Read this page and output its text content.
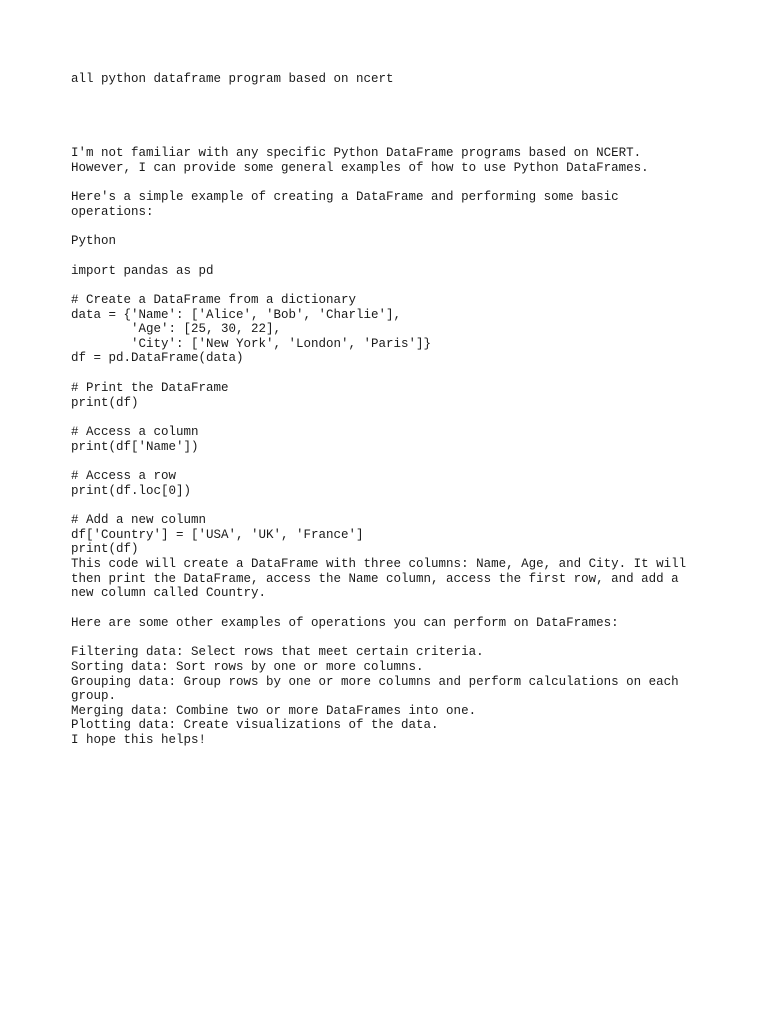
all python dataframe program based on ncert

I'm not familiar with any specific Python DataFrame programs based on NCERT.

However, I can provide some general examples of how to use Python DataFrames.

Here's a simple example of creating a DataFrame and performing some basic

operations:

Python

import pandas as pd

# Create a DataFrame from a dictionary

data = {'Name': ['Alice', 'Bob', 'Charlie'],

'Age': [25, 30, 22],

'City': ['New York', 'London', 'Paris']}

df = pd.DataFrame(data)

# Print the DataFrame

print(df)

# Access a column

print(df['Name'])

# Access a row

print(df.loc[0])

# Add a new column

df['Country'] = ['USA', 'UK', 'France']

print(df)

This code will create a DataFrame with three columns: Name, Age, and City. It will

then print the DataFrame, access the Name column, access the first row, and add a

new column called Country.

Here are some other examples of operations you can perform on DataFrames:

Filtering data: Select rows that meet certain criteria.

Sorting data: Sort rows by one or more columns.

Grouping data: Group rows by one or more columns and perform calculations on each

group.

Merging data: Combine two or more DataFrames into one.

Plotting data: Create visualizations of the data.

I hope this helps!
